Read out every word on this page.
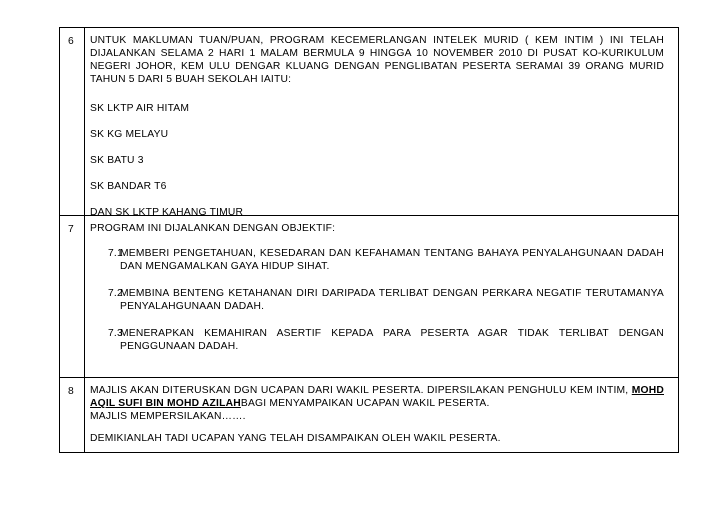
6 UNTUK MAKLUMAN TUAN/PUAN, PROGRAM KECEMERLANGAN INTELEK MURID ( KEM INTIM ) INI TELAH DIJALANKAN SELAMA 2 HARI 1 MALAM BERMULA 9 HINGGA 10 NOVEMBER 2010 DI PUSAT KO-KURIKULUM NEGERI JOHOR, KEM ULU DENGAR KLUANG DENGAN PENGLIBATAN PESERTA SERAMAI 39 ORANG MURID TAHUN 5 DARI 5 BUAH SEKOLAH IAITU:

SK LKTP AIR HITAM

SK KG MELAYU

SK BATU 3

SK BANDAR T6

DAN SK LKTP KAHANG TIMUR

7 PROGRAM INI DIJALANKAN DENGAN OBJEKTIF:

7.1
MEMBERI PENGETAHUAN, KESEDARAN DAN KEFAHAMAN TENTANG BAHAYA PENYALAHGUNAAN DADAH DAN MENGAMALKAN GAYA HIDUP SIHAT.
7.2
MEMBINA BENTENG KETAHANAN DIRI DARIPADA TERLIBAT DENGAN PERKARA NEGATIF TERUTAMANYA PENYALAHGUNAAN DADAH.
7.3
MENERAPKAN KEMAHIRAN ASERTIF KEPADA PARA PESERTA AGAR TIDAK TERLIBAT DENGAN PENGGUNAAN DADAH.
8 MAJLIS AKAN DITERUSKAN DGN UCAPAN DARI WAKIL PESERTA. DIPERSILAKAN PENGHULU KEM INTIM, MOHD AQIL SUFI BIN MOHD AZILAHBAGI MENYAMPAIKAN UCAPAN WAKIL PESERTA.

MAJLIS MEMPERSILAKAN…….

DEMIKIANLAH TADI UCAPAN YANG TELAH DISAMPAIKAN OLEH WAKIL PESERTA.
